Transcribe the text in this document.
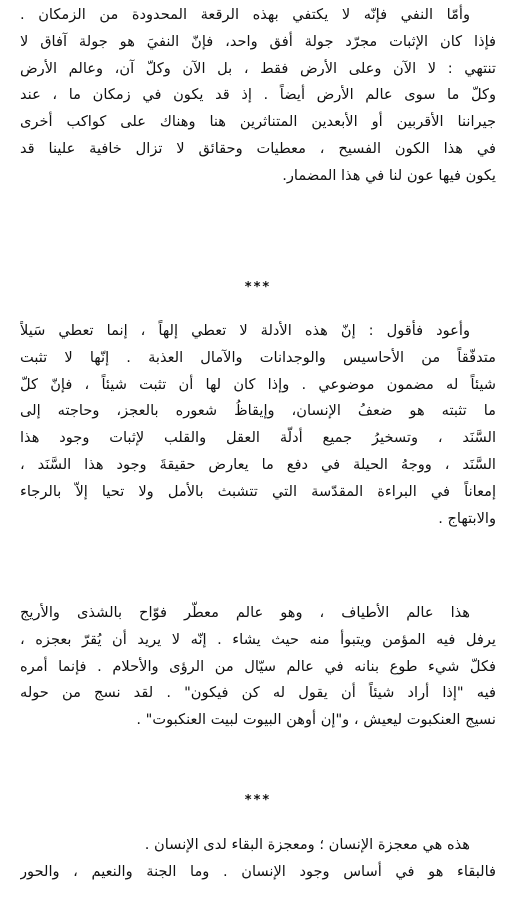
وأمّا النفي فإنّه لا يكتفي بهذه الرقعة المحدودة من الزمكان .
فإذا كان الإثبات مجرّد جولة أفق واحد، فإنّ النفيَ هو جولة آفاق لا
تنتهي : لا الآن وعلى الأرض فقط ، بل الآن وكلّ آن، وعالم الأرض
وكلّ ما سوى عالم الأرض أيضاً . إذ قد يكون في زمكان ما ، عند
جيراننا الأقربين أو الأبعدين المتناثرين هنا وهناك على كواكب أخرى
في هذا الكون الفسيح ، معطيات وحقائق لا تزال خافية علينا قد
يكون فيها عون لنا في هذا المضمار.
***
وأعود فأقول : إنّ هذه الأدلة لا تعطي إلهاً ، إنما تعطي سَيلاً
متدفّقاً من الأحاسيس والوجدانات والآمال العذبة . إنّها لا تثبت
شيئاً له مضمون موضوعي . وإذا كان لها أن تثبت شيئاً ، فإنّ كلّ
ما تثبته هو ضعفُ الإنسان، وإيقاظُ شعوره بالعجز، وحاجته إلى
السَّنَد ، وتسخيرُ جميع أدلّة العقل والقلب لإثبات وجود هذا
السَّنَد ، ووجهُ الحيلة في دفع ما يعارض حقيقةَ وجود هذا السَّنَد ،
إمعاناً في البراءة المقدّسة التي تتشبث بالأمل ولا تحيا إلاّ بالرجاء
والابتهاج .
هذا عالم الأطياف ، وهو عالم معطّر فوّاح بالشذى والأريج
يرفل فيه المؤمن ويتبوأ منه حيث يشاء . إنّه لا يريد أن يُقرّ بعجزه ،
فكلّ شيء طوع بنانه في عالم سيّال من الرؤى والأحلام . فإنما أمره
فيه "إذا أراد شيئاً أن يقول له كن فيكون" . لقد نسج من حوله
نسيج العنكبوت ليعيش ، و"إن أوهن البيوت لبيت العنكبوت" .
***
هذه هي معجزة الإنسان ؛ ومعجزة البقاء لدى الإنسان .
فالبقاء هو في أساس وجود الإنسان . وما الجنة والنعيم ، والحور
